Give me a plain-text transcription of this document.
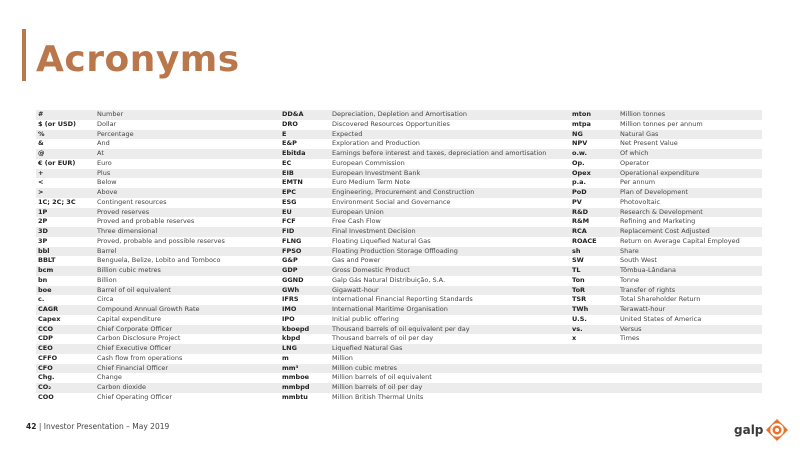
Acronyms
#	Number
$ (or USD)	Dollar
%	Percentage
&	And
@	At
€ (or EUR)	Euro
+	Plus
<	Below
>	Above
1C; 2C; 3C	Contingent resources
1P	Proved reserves
2P	Proved and probable reserves
3D	Three dimensional
3P	Proved, probable and possible reserves
bbl	Barrel
BBLT	Benguela, Belize, Lobito and Tomboco
bcm	Billion cubic metres
bn	Billion
boe	Barrel of oil equivalent
c.	Circa
CAGR	Compound Annual Growth Rate
Capex	Capital expenditure
CCO	Chief Corporate Officer
CDP	Carbon Disclosure Project
CEO	Chief Executive Officer
CFFO	Cash flow from operations
CFO	Chief Financial Officer
Chg.	Change
CO₂	Carbon dioxide
COO	Chief Operating Officer
DD&A	Depreciation, Depletion and Amortisation
DRO	Discovered Resources Opportunities
E	Expected
E&P	Exploration and Production
Ebitda	Earnings before interest and taxes, depreciation and amortisation
EC	European Commission
EIB	European Investment Bank
EMTN	Euro Medium Term Note
EPC	Engineering, Procurement and Construction
ESG	Environment Social and Governance
EU	European Union
FCF	Free Cash Flow
FID	Final Investment Decision
FLNG	Floating Liquefied Natural Gas
FPSO	Floating Production Storage Offloading
G&P	Gas and Power
GDP	Gross Domestic Product
GGND	Galp Gás Natural Distribuição, S.A.
GWh	Gigawatt-hour
IFRS	International Financial Reporting Standards
IMO	International Maritime Organisation
IPO	Initial public offering
kboepd	Thousand barrels of oil equivalent per day
kbpd	Thousand barrels of oil per day
LNG	Liquefied Natural Gas
m	Million
mm³	Million cubic metres
mmboe	Million barrels of oil equivalent
mmbpd	Million barrels of oil per day
mmbtu	Million British Thermal Units
mton	Million tonnes
mtpa	Million tonnes per annum
NG	Natural Gas
NPV	Net Present Value
o.w.	Of which
Op.	Operator
Opex	Operational expenditure
p.a.	Per annum
PoD	Plan of Development
PV	Photovoltaic
R&D	Research & Development
R&M	Refining and Marketing
RCA	Replacement Cost Adjusted
ROACE	Return on Average Capital Employed
sh	Share
SW	South West
TL	Tômbua-Lândana
Ton	Tonne
ToR	Transfer of rights
TSR	Total Shareholder Return
TWh	Terawatt-hour
U.S.	United States of America
vs.	Versus
x	Times
42 | Investor Presentation – May 2019	galp
